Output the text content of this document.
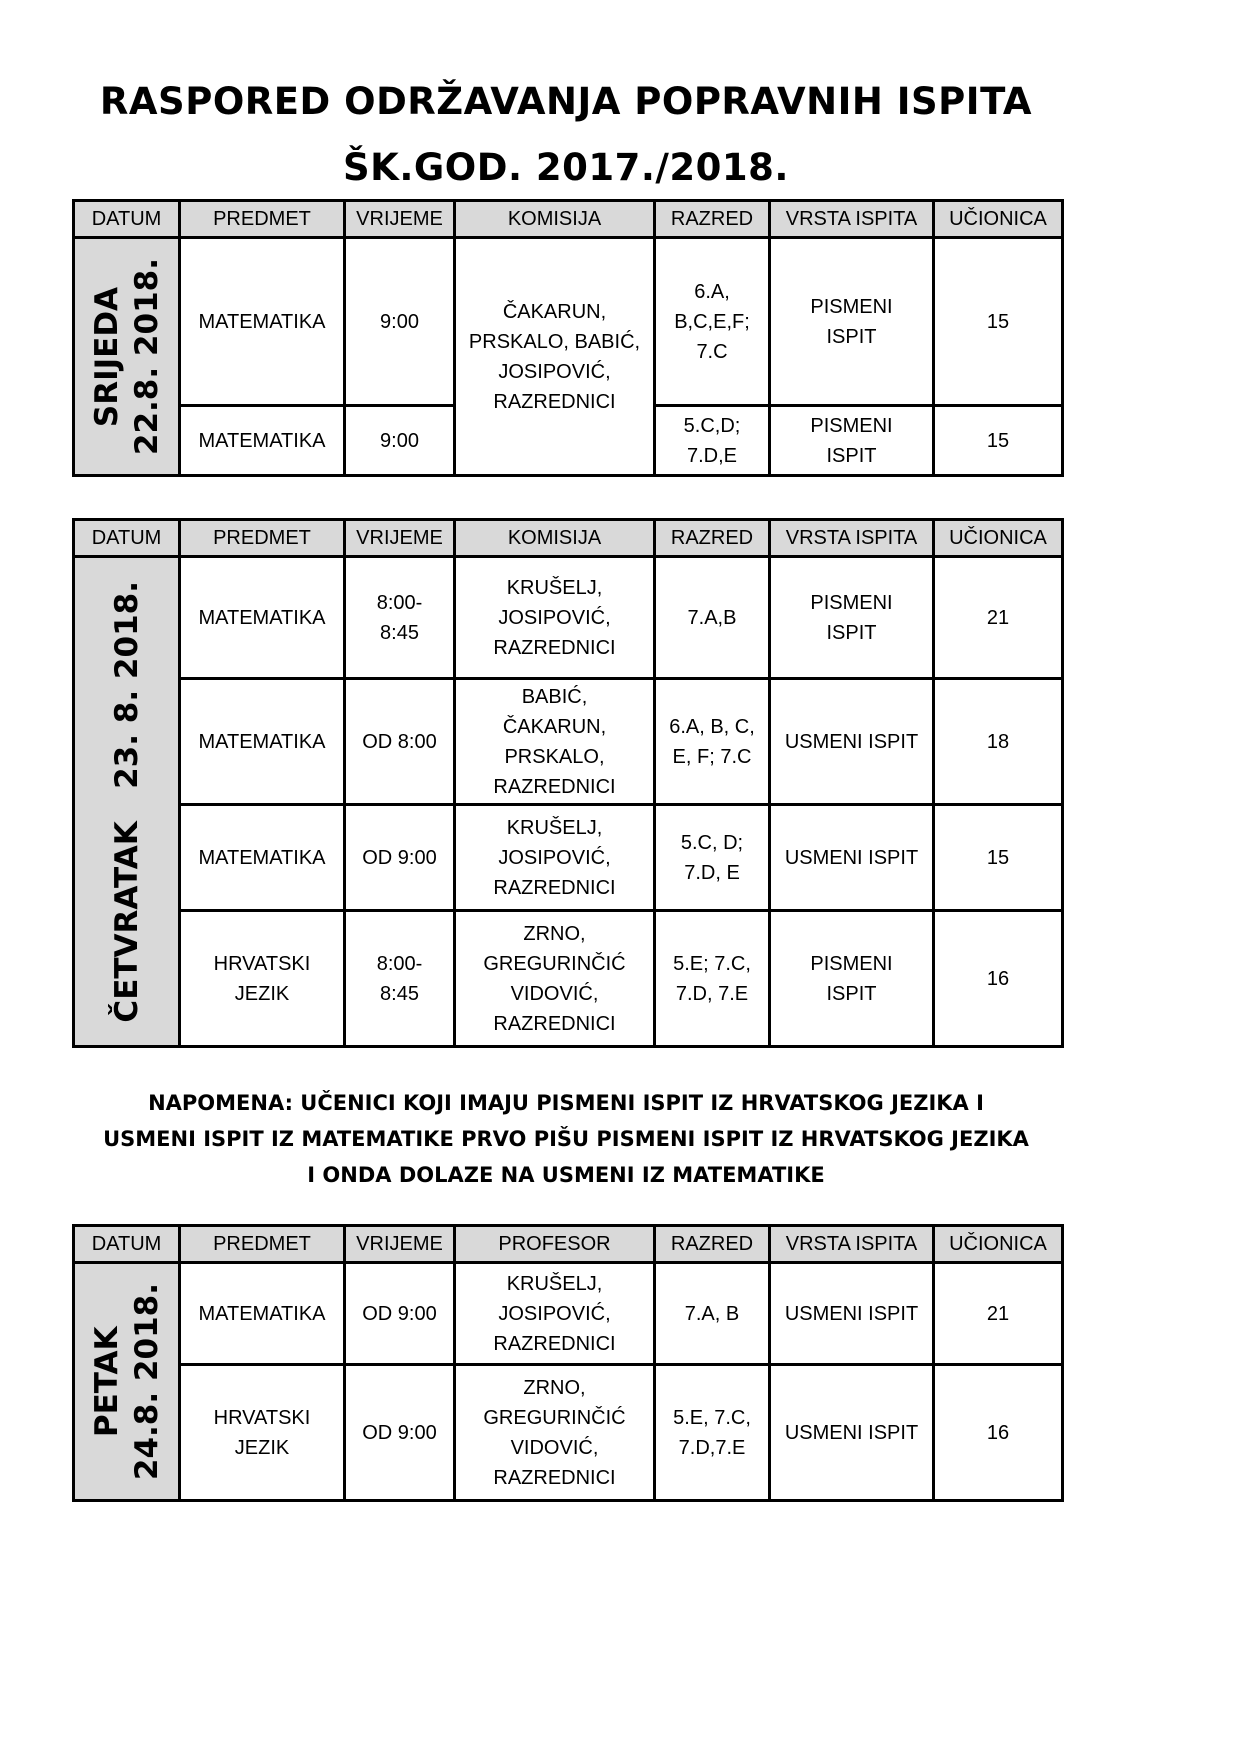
RASPORED ODRŽAVANJA POPRAVNIH ISPITA
ŠK.GOD. 2017./2018.
DATUM	PREDMET	VRIJEME	KOMISIJA	RAZRED	VRSTA ISPITA	UČIONICA

SRIJEDA 22.8. 2018.	MATEMATIKA	9:00	ČAKARUN,
PRSKALO, BABIĆ,
JOSIPOVIĆ,
RAZREDNICI	6.A,
B,C,E,F;
7.C	PISMENI
ISPIT	15
	MATEMATIKA	9:00		5.C,D;
7.D,E	PISMENI
ISPIT	15
DATUM	PREDMET	VRIJEME	KOMISIJA	RAZRED	VRSTA ISPITA	UČIONICA

ČETVRATAK   23. 8. 2018.	MATEMATIKA	8:00-
8:45	KRUŠELJ,
JOSIPOVIĆ,
RAZREDNICI	7.A,B	PISMENI
ISPIT	21
	MATEMATIKA	OD 8:00	BABIĆ,
ČAKARUN,
PRSKALO,
RAZREDNICI	6.A, B, C,
E, F; 7.C	USMENI ISPIT	18
	MATEMATIKA	OD 9:00	KRUŠELJ,
JOSIPOVIĆ,
RAZREDNICI	5.C, D;
7.D, E	USMENI ISPIT	15
	HRVATSKI
JEZIK	8:00-
8:45	ZRNO,
GREGURINČIĆ
VIDOVIĆ,
RAZREDNICI	5.E; 7.C,
7.D, 7.E	PISMENI
ISPIT	16
NAPOMENA: UČENICI KOJI IMAJU PISMENI ISPIT IZ HRVATSKOG JEZIKA I
USMENI ISPIT IZ MATEMATIKE PRVO PIŠU PISMENI ISPIT IZ HRVATSKOG JEZIKA
I ONDA DOLAZE NA USMENI IZ MATEMATIKE
DATUM	PREDMET	VRIJEME	PROFESOR	RAZRED	VRSTA ISPITA	UČIONICA

PETAK 24.8. 2018.	MATEMATIKA	OD 9:00	KRUŠELJ,
JOSIPOVIĆ,
RAZREDNICI	7.A, B	USMENI ISPIT	21
	HRVATSKI
JEZIK	OD 9:00	ZRNO,
GREGURINČIĆ
VIDOVIĆ,
RAZREDNICI	5.E, 7.C,
7.D,7.E	USMENI ISPIT	16
